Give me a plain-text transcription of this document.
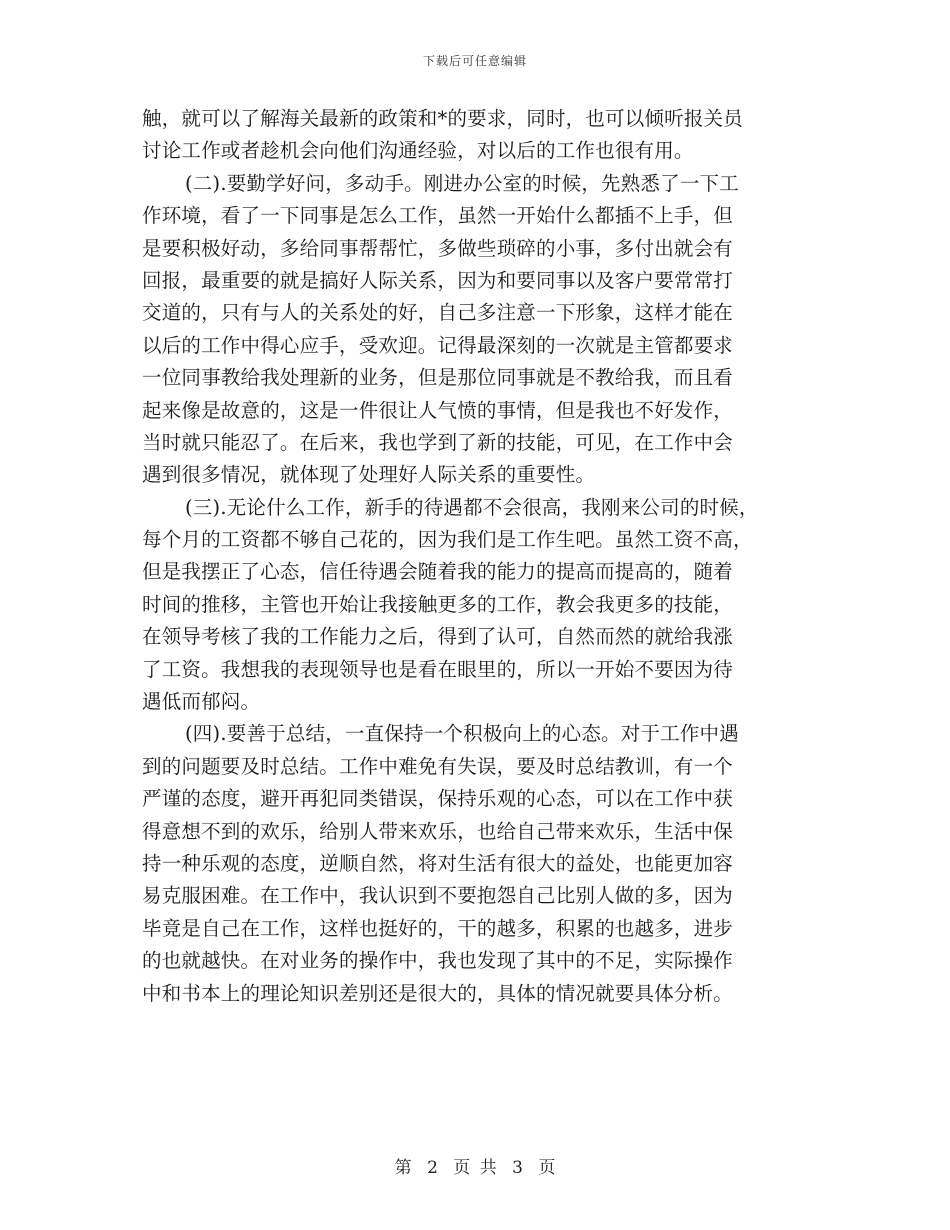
下载后可任意编辑
触，就可以了解海关最新的政策和*的要求，同时，也可以倾听报关员
讨论工作或者趁机会向他们沟通经验，对以后的工作也很有用。
(二).要勤学好问，多动手。刚进办公室的时候，先熟悉了一下工
作环境，看了一下同事是怎么工作，虽然一开始什么都插不上手，但
是要积极好动，多给同事帮帮忙，多做些琐碎的小事，多付出就会有
回报，最重要的就是搞好人际关系，因为和要同事以及客户要常常打
交道的，只有与人的关系处的好，自己多注意一下形象，这样才能在
以后的工作中得心应手，受欢迎。记得最深刻的一次就是主管都要求
一位同事教给我处理新的业务，但是那位同事就是不教给我，而且看
起来像是故意的，这是一件很让人气愤的事情，但是我也不好发作，
当时就只能忍了。在后来，我也学到了新的技能，可见，在工作中会
遇到很多情况，就体现了处理好人际关系的重要性。
(三).无论什么工作，新手的待遇都不会很高，我刚来公司的时候，
每个月的工资都不够自己花的，因为我们是工作生吧。虽然工资不高，
但是我摆正了心态，信任待遇会随着我的能力的提高而提高的，随着
时间的推移，主管也开始让我接触更多的工作，教会我更多的技能，
在领导考核了我的工作能力之后，得到了认可，自然而然的就给我涨
了工资。我想我的表现领导也是看在眼里的，所以一开始不要因为待
遇低而郁闷。
(四).要善于总结，一直保持一个积极向上的心态。对于工作中遇
到的问题要及时总结。工作中难免有失误，要及时总结教训，有一个
严谨的态度，避开再犯同类错误，保持乐观的心态，可以在工作中获
得意想不到的欢乐，给别人带来欢乐，也给自己带来欢乐，生活中保
持一种乐观的态度，逆顺自然，将对生活有很大的益处，也能更加容
易克服困难。在工作中，我认识到不要抱怨自己比别人做的多，因为
毕竟是自己在工作，这样也挺好的，干的越多，积累的也越多，进步
的也就越快。在对业务的操作中，我也发现了其中的不足，实际操作
中和书本上的理论知识差别还是很大的，具体的情况就要具体分析。
第 2 页 共 3 页
